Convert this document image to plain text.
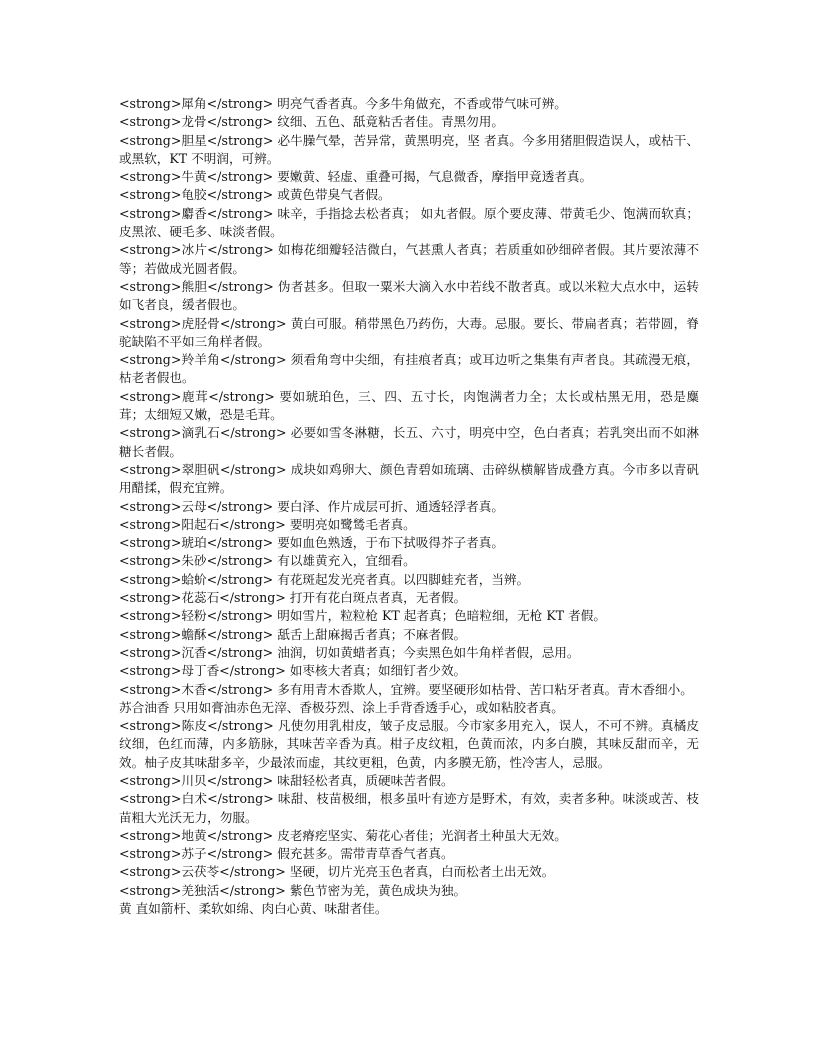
<strong>犀角</strong> 明亮气香者真。今多牛角做充，不香或带气味可辨。

<strong>龙骨</strong> 纹细、五色、舐竟粘舌者佳。青黑勿用。

<strong>胆星</strong> 必牛臊气晕，苦异常，黄黑明亮，坚 者真。今多用猪胆假造误人，或枯干、或黑软，KT 不明润，可辨。

<strong>牛黄</strong> 要嫩黄、轻虚、重叠可揭，气息微香，摩指甲竟透者真。

<strong>龟胶</strong> 或黄色带臭气者假。

<strong>麝香</strong> 味辛，手指捻去松者真； 如丸者假。原个要皮薄、带黄毛少、饱满而软真；皮黑浓、硬毛多、味淡者假。

<strong>冰片</strong> 如梅花细瓣轻洁微白，气甚熏人者真；若质重如砂细碎者假。其片要浓薄不等；若做成光圆者假。

<strong>熊胆</strong> 伪者甚多。但取一粟米大滴入水中若线不散者真。或以米粒大点水中，运转如飞者良，缓者假也。

<strong>虎胫骨</strong> 黄白可服。稍带黑色乃药伤，大毒。忌服。要长、带扁者真；若带圆，脊驼缺陷不平如三角样者假。

<strong>羚羊角</strong> 须看角弯中尖细，有挂痕者真；或耳边听之集集有声者良。其疏漫无痕，枯老者假也。

<strong>鹿茸</strong> 要如琥珀色，三、四、五寸长，肉饱满者力全；太长或枯黑无用，恐是麋茸；太细短又嫩，恐是毛茸。

<strong>滴乳石</strong> 必要如雪冬淋糖，长五、六寸，明亮中空，色白者真；若乳突出而不如淋糖长者假。

<strong>翠胆矾</strong> 成块如鸡卵大、颜色青碧如琉璃、击碎纵横解皆成叠方真。今市多以青矾用醋揉，假充宜辨。

<strong>云母</strong> 要白泽、作片成层可折、通透轻浮者真。

<strong>阳起石</strong> 要明亮如鹭鸶毛者真。

<strong>琥珀</strong> 要如血色熟透，于布下拭吸得芥子者真。

<strong>朱砂</strong> 有以雄黄充入，宜细看。

<strong>蛤蚧</strong> 有花斑起发光亮者真。以四脚蛙充者，当辨。

<strong>花蕊石</strong> 打开有花白斑点者真，无者假。

<strong>轻粉</strong> 明如雪片，粒粒枪 KT 起者真；色暗粒细，无枪 KT 者假。

<strong>蟾酥</strong> 舐舌上甜麻揭舌者真；不麻者假。

<strong>沉香</strong> 油润，切如黄蜡者真；今卖黑色如牛角样者假，忌用。

<strong>母丁香</strong> 如枣核大者真；如细钉者少效。

<strong>木香</strong> 多有用青木香欺人，宜辨。要坚硬形如枯骨、苦口粘牙者真。青木香细小。

苏合油香 只用如膏油赤色无滓、香极芬烈、涂上手背香透手心，或如粘胶者真。

<strong>陈皮</strong> 凡使勿用乳柑皮，皱子皮忌服。今市家多用充入，误人，不可不辨。真橘皮纹细，色红而薄，内多筋脉，其味苦辛香为真。柑子皮纹粗，色黄而浓，内多白膜，其味反甜而辛，无效。柚子皮其味甜多辛，少最浓而虚，其纹更粗，色黄，内多膜无筋，性冷害人，忌服。

<strong>川贝</strong> 味甜轻松者真，质硬味苦者假。

<strong>白术</strong> 味甜、枝苗极细，根多虽叶有迹方是野术，有效，卖者多种。味淡或苦、枝苗粗大光沃无力，勿服。

<strong>地黄</strong> 皮老瘠疙坚实、菊花心者佳；光润者土种虽大无效。

<strong>苏子</strong> 假充甚多。需带青草香气者真。

<strong>云茯苓</strong> 坚硬，切片光亮玉色者真，白而松者土出无效。

<strong>羌独活</strong> 紫色节密为羌，黄色成块为独。

黄 直如箭杆、柔软如绵、肉白心黄、味甜者佳。
